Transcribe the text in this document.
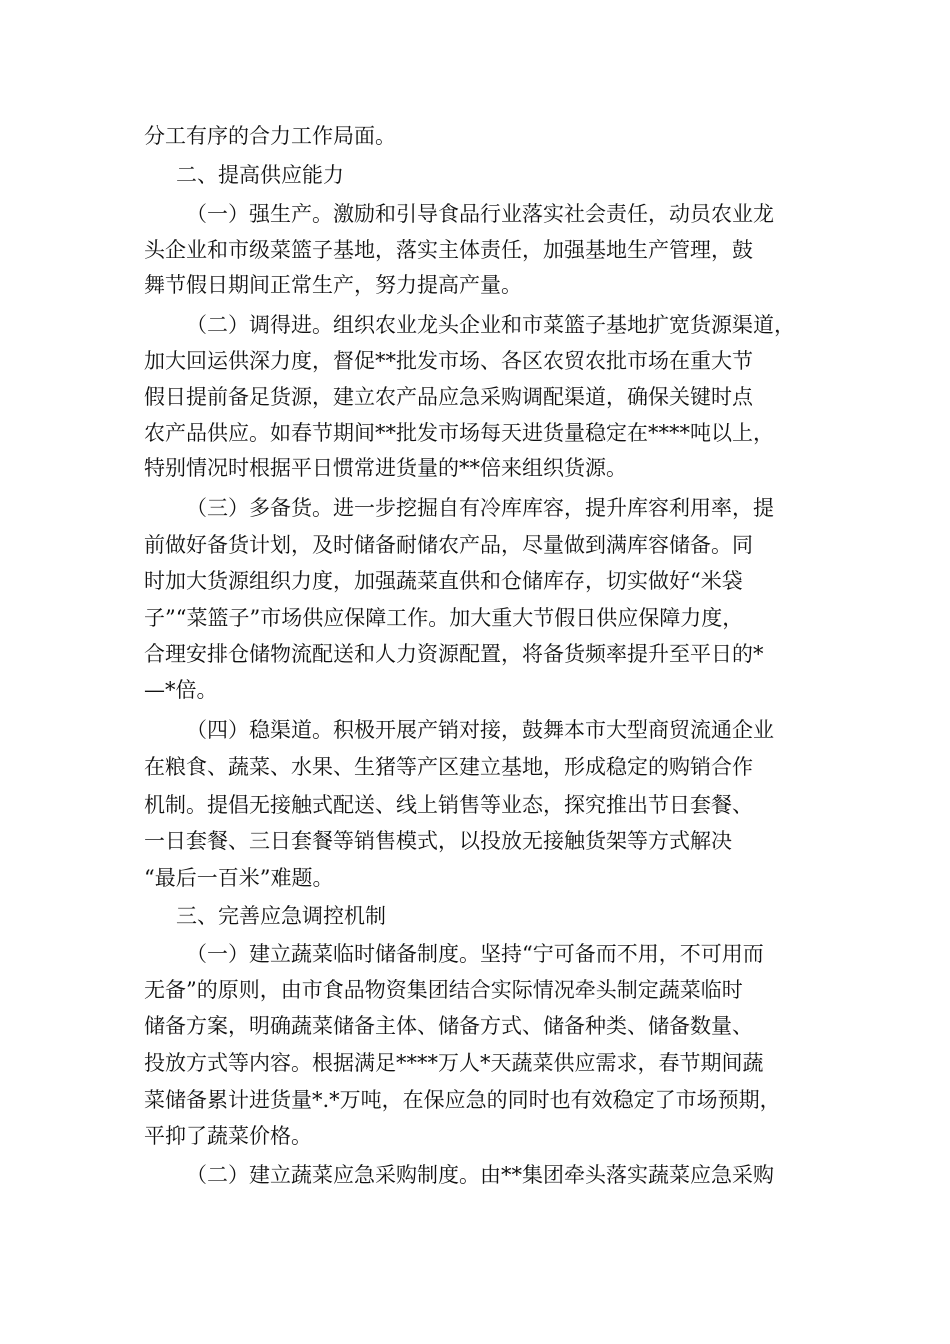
分工有序的合力工作局面。
二、提高供应能力
（一）强生产。激励和引导食品行业落实社会责任，动员农业龙
头企业和市级菜篮子基地，落实主体责任，加强基地生产管理，鼓
舞节假日期间正常生产，努力提高产量。
（二）调得进。组织农业龙头企业和市菜篮子基地扩宽货源渠道，
加大回运供深力度，督促**批发市场、各区农贸农批市场在重大节
假日提前备足货源，建立农产品应急采购调配渠道，确保关键时点
农产品供应。如春节期间**批发市场每天进货量稳定在****吨以上，
特别情况时根据平日惯常进货量的**倍来组织货源。
（三）多备货。进一步挖掘自有冷库库容，提升库容利用率，提
前做好备货计划，及时储备耐储农产品，尽量做到满库容储备。同
时加大货源组织力度，加强蔬菜直供和仓储库存，切实做好“米袋
子”“菜篮子”市场供应保障工作。加大重大节假日供应保障力度，
合理安排仓储物流配送和人力资源配置，将备货频率提升至平日的*
—*倍。
（四）稳渠道。积极开展产销对接，鼓舞本市大型商贸流通企业
在粮食、蔬菜、水果、生猪等产区建立基地，形成稳定的购销合作
机制。提倡无接触式配送、线上销售等业态，探究推出节日套餐、
一日套餐、三日套餐等销售模式，以投放无接触货架等方式解决
“最后一百米”难题。
三、完善应急调控机制
（一）建立蔬菜临时储备制度。坚持“宁可备而不用，不可用而
无备”的原则，由市食品物资集团结合实际情况牵头制定蔬菜临时
储备方案，明确蔬菜储备主体、储备方式、储备种类、储备数量、
投放方式等内容。根据满足****万人*天蔬菜供应需求，春节期间蔬
菜储备累计进货量*.*万吨，在保应急的同时也有效稳定了市场预期，
平抑了蔬菜价格。
（二）建立蔬菜应急采购制度。由**集团牵头落实蔬菜应急采购
